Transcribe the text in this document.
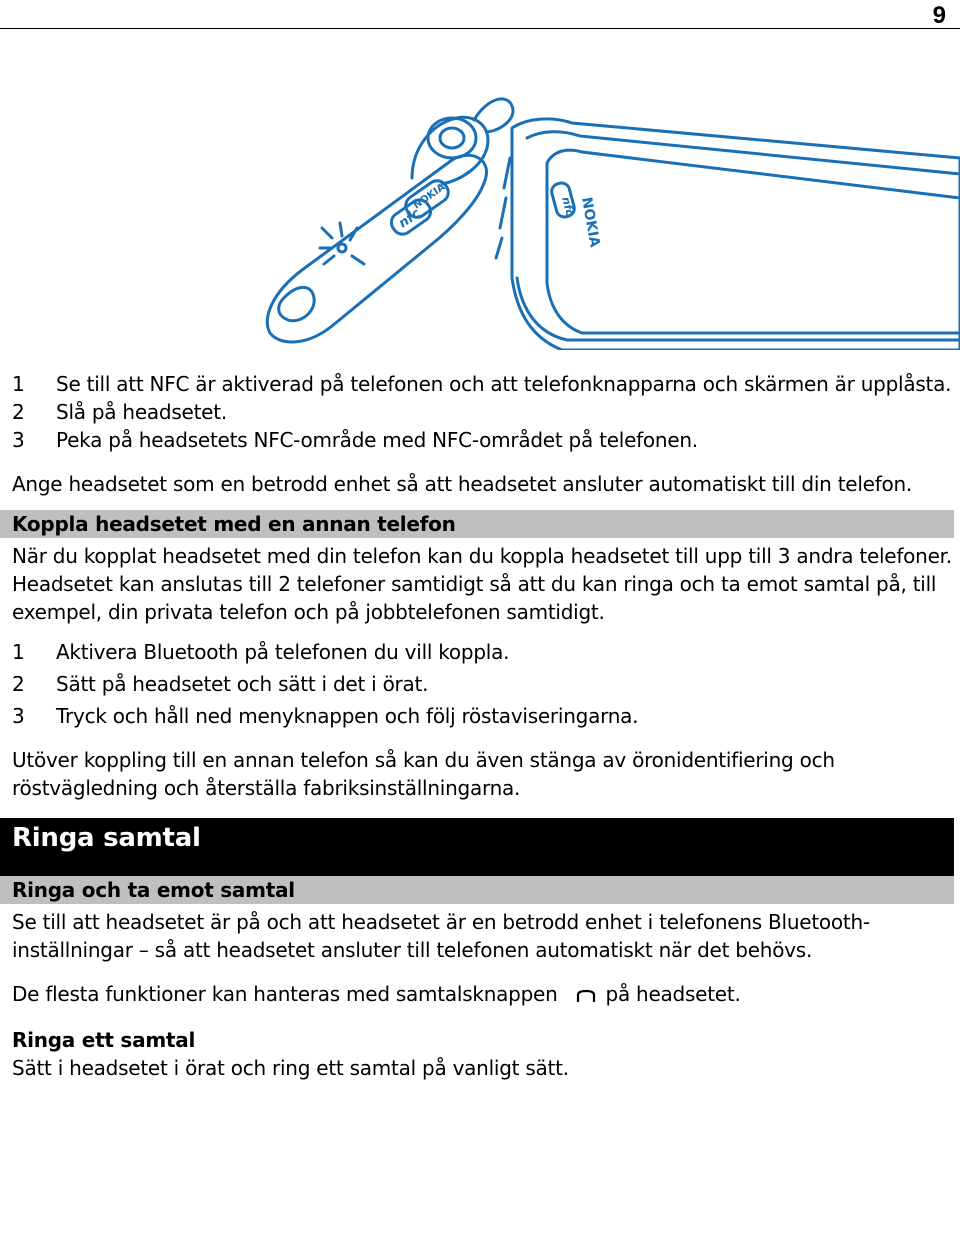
9
NOKIA
nfc	nfc NOKIA
1	Se till att NFC är aktiverad på telefonen och att telefonknapparna och skärmen är upplåsta.
2	Slå på headsetet.
3	Peka på headsetets NFC-område med NFC-området på telefonen.

Ange headsetet som en betrodd enhet så att headsetet ansluter automatiskt till din telefon.

Koppla headsetet med en annan telefon

När du kopplat headsetet med din telefon kan du koppla headsetet till upp till 3 andra telefoner. Headsetet kan anslutas till 2 telefoner samtidigt så att du kan ringa och ta emot samtal på, till exempel, din privata telefon och på jobbtelefonen samtidigt.

1	Aktivera Bluetooth på telefonen du vill koppla.
2	Sätt på headsetet och sätt i det i örat.
3	Tryck och håll ned menyknappen och följ röstaviseringarna.

Utöver koppling till en annan telefon så kan du även stänga av öronidentifiering och röstvägledning och återställa fabriksinställningarna.

Ringa samtal
Ringa och ta emot samtal

Se till att headsetet är på och att headsetet är en betrodd enhet i telefonens Bluetooth-inställningar – så att headsetet ansluter till telefonen automatiskt när det behövs.

De flesta funktioner kan hanteras med samtalsknappen på headsetet.

Ringa ett samtal

Sätt i headsetet i örat och ring ett samtal på vanligt sätt.
